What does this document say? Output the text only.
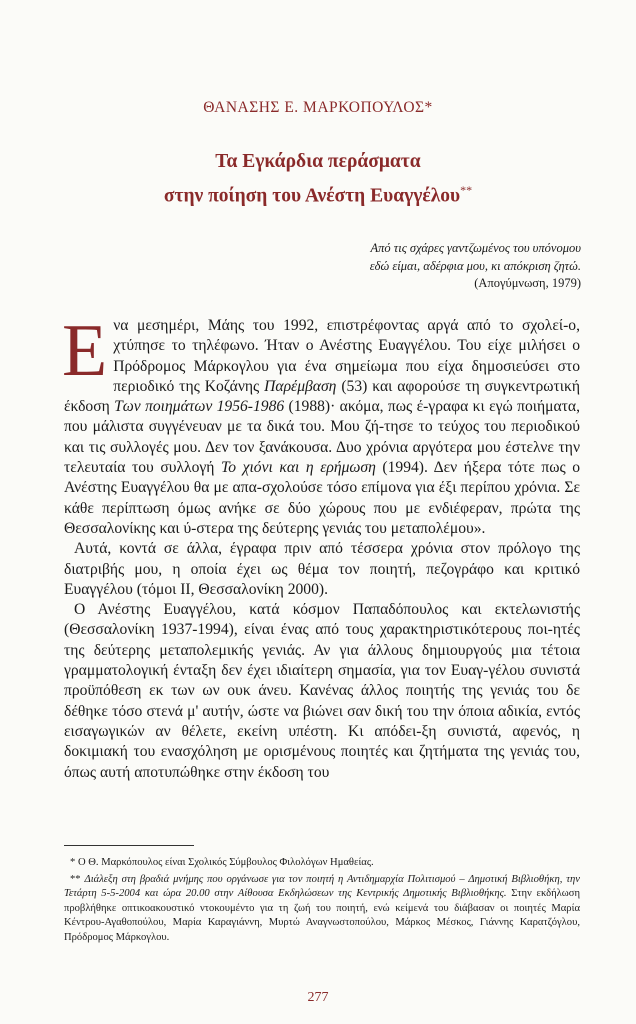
ΘΑΝΑΣΗΣ Ε. ΜΑΡΚΟΠΟΥΛΟΣ*
Τα Εγκάρδια περάσματα
στην ποίηση του Ανέστη Ευαγγέλου**
Από τις σχάρες γαντζωμένος του υπόνομου
εδώ είμαι, αδέρφια μου, κι απόκριση ζητώ.
(Απογύμνωση, 1979)

Ενα μεσημέρι, Μάης του 1992, επιστρέφοντας αργά από το σχολεί-ο, χτύπησε το τηλέφωνο. Ήταν ο Ανέστης Ευαγγέλου. Του είχε μιλήσει ο Πρόδρομος Μάρκογλου για ένα σημείωμα που είχα δημοσιεύσει στο περιοδικό της Κοζάνης Παρέμβαση (53) και αφορούσε τη συγκεντρωτική έκδοση Των ποιημάτων 1956-1986 (1988)· ακόμα, πως έ-γραφα κι εγώ ποιήματα, που μάλιστα συγγένευαν με τα δικά του. Μου ζή-τησε το τεύχος του περιοδικού και τις συλλογές μου. Δεν τον ξανάκουσα. Δυο χρόνια αργότερα μου έστελνε την τελευταία του συλλογή Το χιόνι και η ερήμωση (1994). Δεν ήξερα τότε πως ο Ανέστης Ευαγγέλου θα με απα-σχολούσε τόσο επίμονα για έξι περίπου χρόνια. Σε κάθε περίπτωση όμως ανήκε σε δύο χώρους που με ενδιέφεραν, πρώτα της Θεσσαλονίκης και ύ-στερα της δεύτερης γενιάς του μεταπολέμου».

Αυτά, κοντά σε άλλα, έγραφα πριν από τέσσερα χρόνια στον πρόλογο της διατριβής μου, η οποία έχει ως θέμα τον ποιητή, πεζογράφο και κριτικό Ευαγγέλου (τόμοι ΙΙ, Θεσσαλονίκη 2000).

Ο Ανέστης Ευαγγέλου, κατά κόσμον Παπαδόπουλος και εκτελωνιστής (Θεσσαλονίκη 1937-1994), είναι ένας από τους χαρακτηριστικότερους ποι-ητές της δεύτερης μεταπολεμικής γενιάς. Αν για άλλους δημιουργούς μια τέτοια γραμματολογική ένταξη δεν έχει ιδιαίτερη σημασία, για τον Ευαγ-γέλου συνιστά προϋπόθεση εκ των ων ουκ άνευ. Κανένας άλλος ποιητής της γενιάς του δε δέθηκε τόσο στενά μ' αυτήν, ώστε να βιώνει σαν δική του την όποια αδικία, εντός εισαγωγικών αν θέλετε, εκείνη υπέστη. Κι απόδει-ξη συνιστά, αφενός, η δοκιμιακή του ενασχόληση με ορισμένους ποιητές και ζητήματα της γενιάς του, όπως αυτή αποτυπώθηκε στην έκδοση του

* Ο Θ. Μαρκόπουλος είναι Σχολικός Σύμβουλος Φιλολόγων Ημαθείας.

** Διάλεξη στη βραδιά μνήμης που οργάνωσε για τον ποιητή η Αντιδημαρχία Πολιτισμού – Δημοτική Βιβλιοθήκη, την Τετάρτη 5-5-2004 και ώρα 20.00 στην Αίθουσα Εκδηλώσεων της Κεντρικής Δημοτικής Βιβλιοθήκης. Στην εκδήλωση προβλήθηκε οπτικοακουστικό ντοκουμέντο για τη ζωή του ποιητή, ενώ κείμενά του διάβασαν οι ποιητές Μαρία Κέντρου-Αγαθοπούλου, Μαρία Καραγιάννη, Μυρτώ Αναγνωστοπούλου, Μάρκος Μέσκος, Γιάννης Καρατζόγλου, Πρόδρομος Μάρκογλου.

277
